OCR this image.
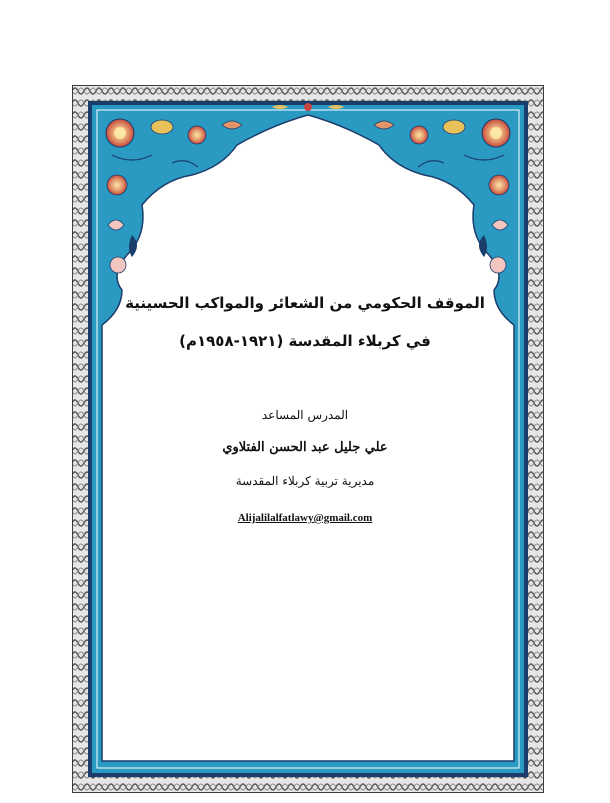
الموقف الحكومي من الشعائر والمواكب الحسينية
في كربلاء المقدسة (١٩٢١-١٩٥٨م)
المدرس المساعد
علي جليل عبد الحسن الفتلاوي
مديرية تربية كربلاء المقدسة
Alijalilalfatlawy@gmail.com
